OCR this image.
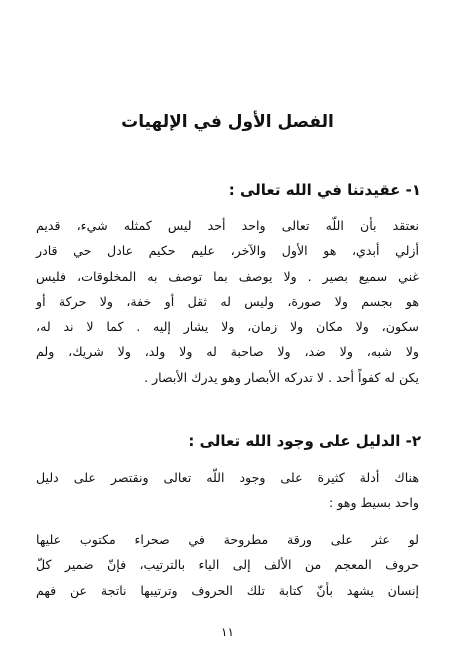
الفصل الأول في الإلهيات
١- عقيدتنا في الله تعالى :

نعتقد بأن اللّه تعالى واحد أحد ليس كمثله شيء، قديم
أزلي أبدي، هو الأول والآخر، عليم حكيم عادل حي قادر
غني سميع بصير . ولا يوصف بما توصف به المخلوقات، فليس
هو بجسم ولا صورة، وليس له ثقل أو خفة، ولا حركة أو
سكون، ولا مكان ولا زمان، ولا يشار إليه . كما لا ند له،
ولا شبه، ولا ضد، ولا صاحبة له ولا ولد، ولا شريك، ولم
يكن له كفواً أحد . لا تدركه الأبصار وهو يدرك الأبصار .

٢- الدليل على وجود الله تعالى :

هناك أدلة كثيرة على وجود اللّه تعالى ونقتصر على دليل
واحد بسيط وهو :

لو عثر على ورقة مطروحة في صحراء مكتوب عليها
حروف المعجم من الألف إلى الياء بالترتيب، فإنّ ضمير كلّ
إنسان يشهد بأنّ كتابة تلك الحروف وترتيبها ناتجة عن فهم

١١
